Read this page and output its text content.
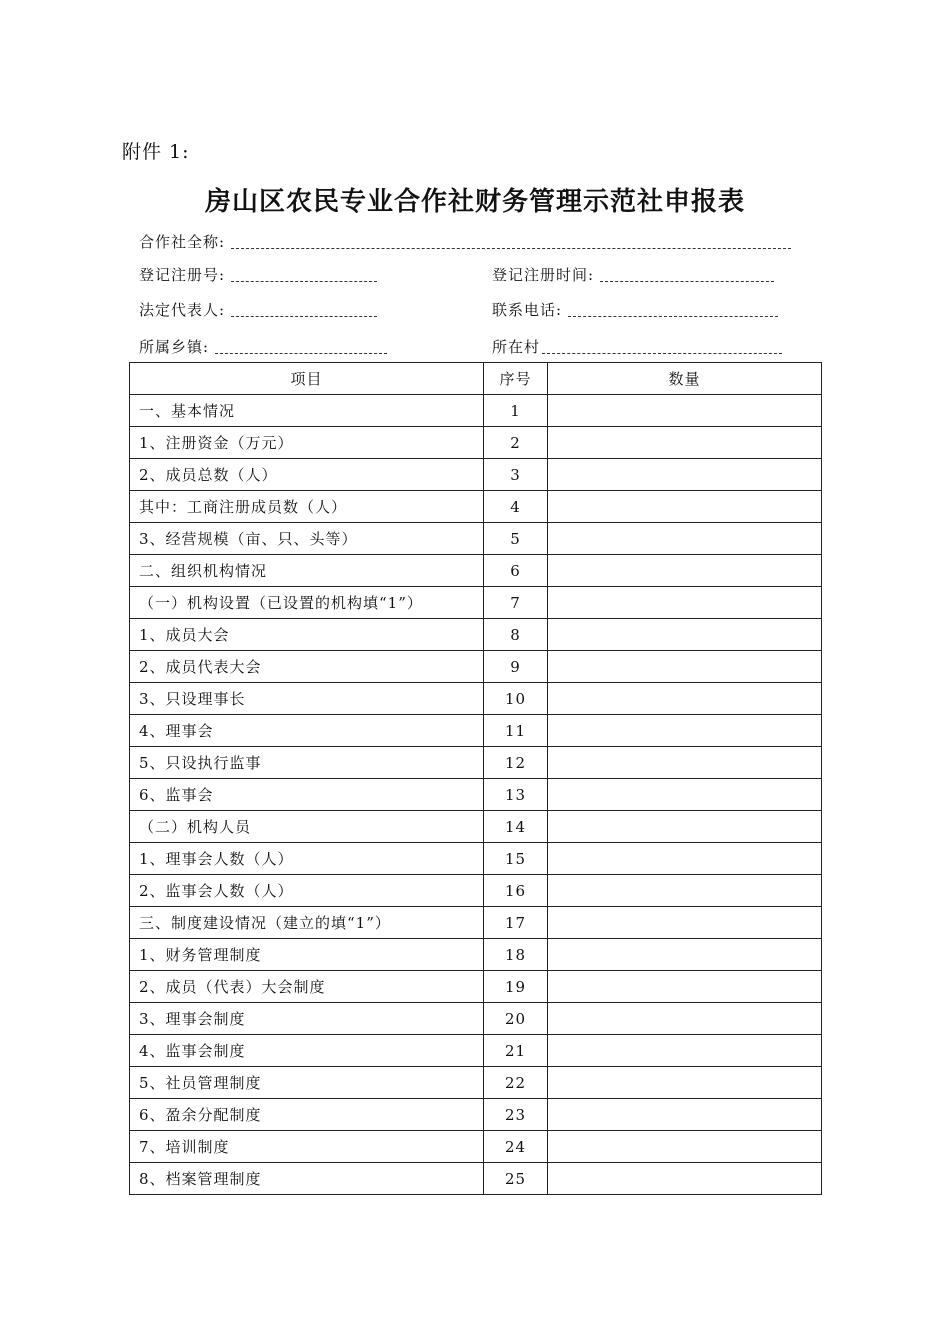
附件 1:
房山区农民专业合作社财务管理示范社申报表
合作社全称:
登记注册号:	登记注册时间:
法定代表人:	联系电话:
所属乡镇:	所在村
项目	序号	数量
一、基本情况	1	
1、注册资金（万元）	2	
2、成员总数（人）	3	
其中：工商注册成员数（人）	4	
3、经营规模（亩、只、头等）	5	
二、组织机构情况	6	
（一）机构设置（已设置的机构填“1”）	7	
1、成员大会	8	
2、成员代表大会	9	
3、只设理事长	10	
4、理事会	11	
5、只设执行监事	12	
6、监事会	13	
（二）机构人员	14	
1、理事会人数（人）	15	
2、监事会人数（人）	16	
三、制度建设情况（建立的填“1”）	17	
1、财务管理制度	18	
2、成员（代表）大会制度	19	
3、理事会制度	20	
4、监事会制度	21	
5、社员管理制度	22	
6、盈余分配制度	23	
7、培训制度	24	
8、档案管理制度	25	
